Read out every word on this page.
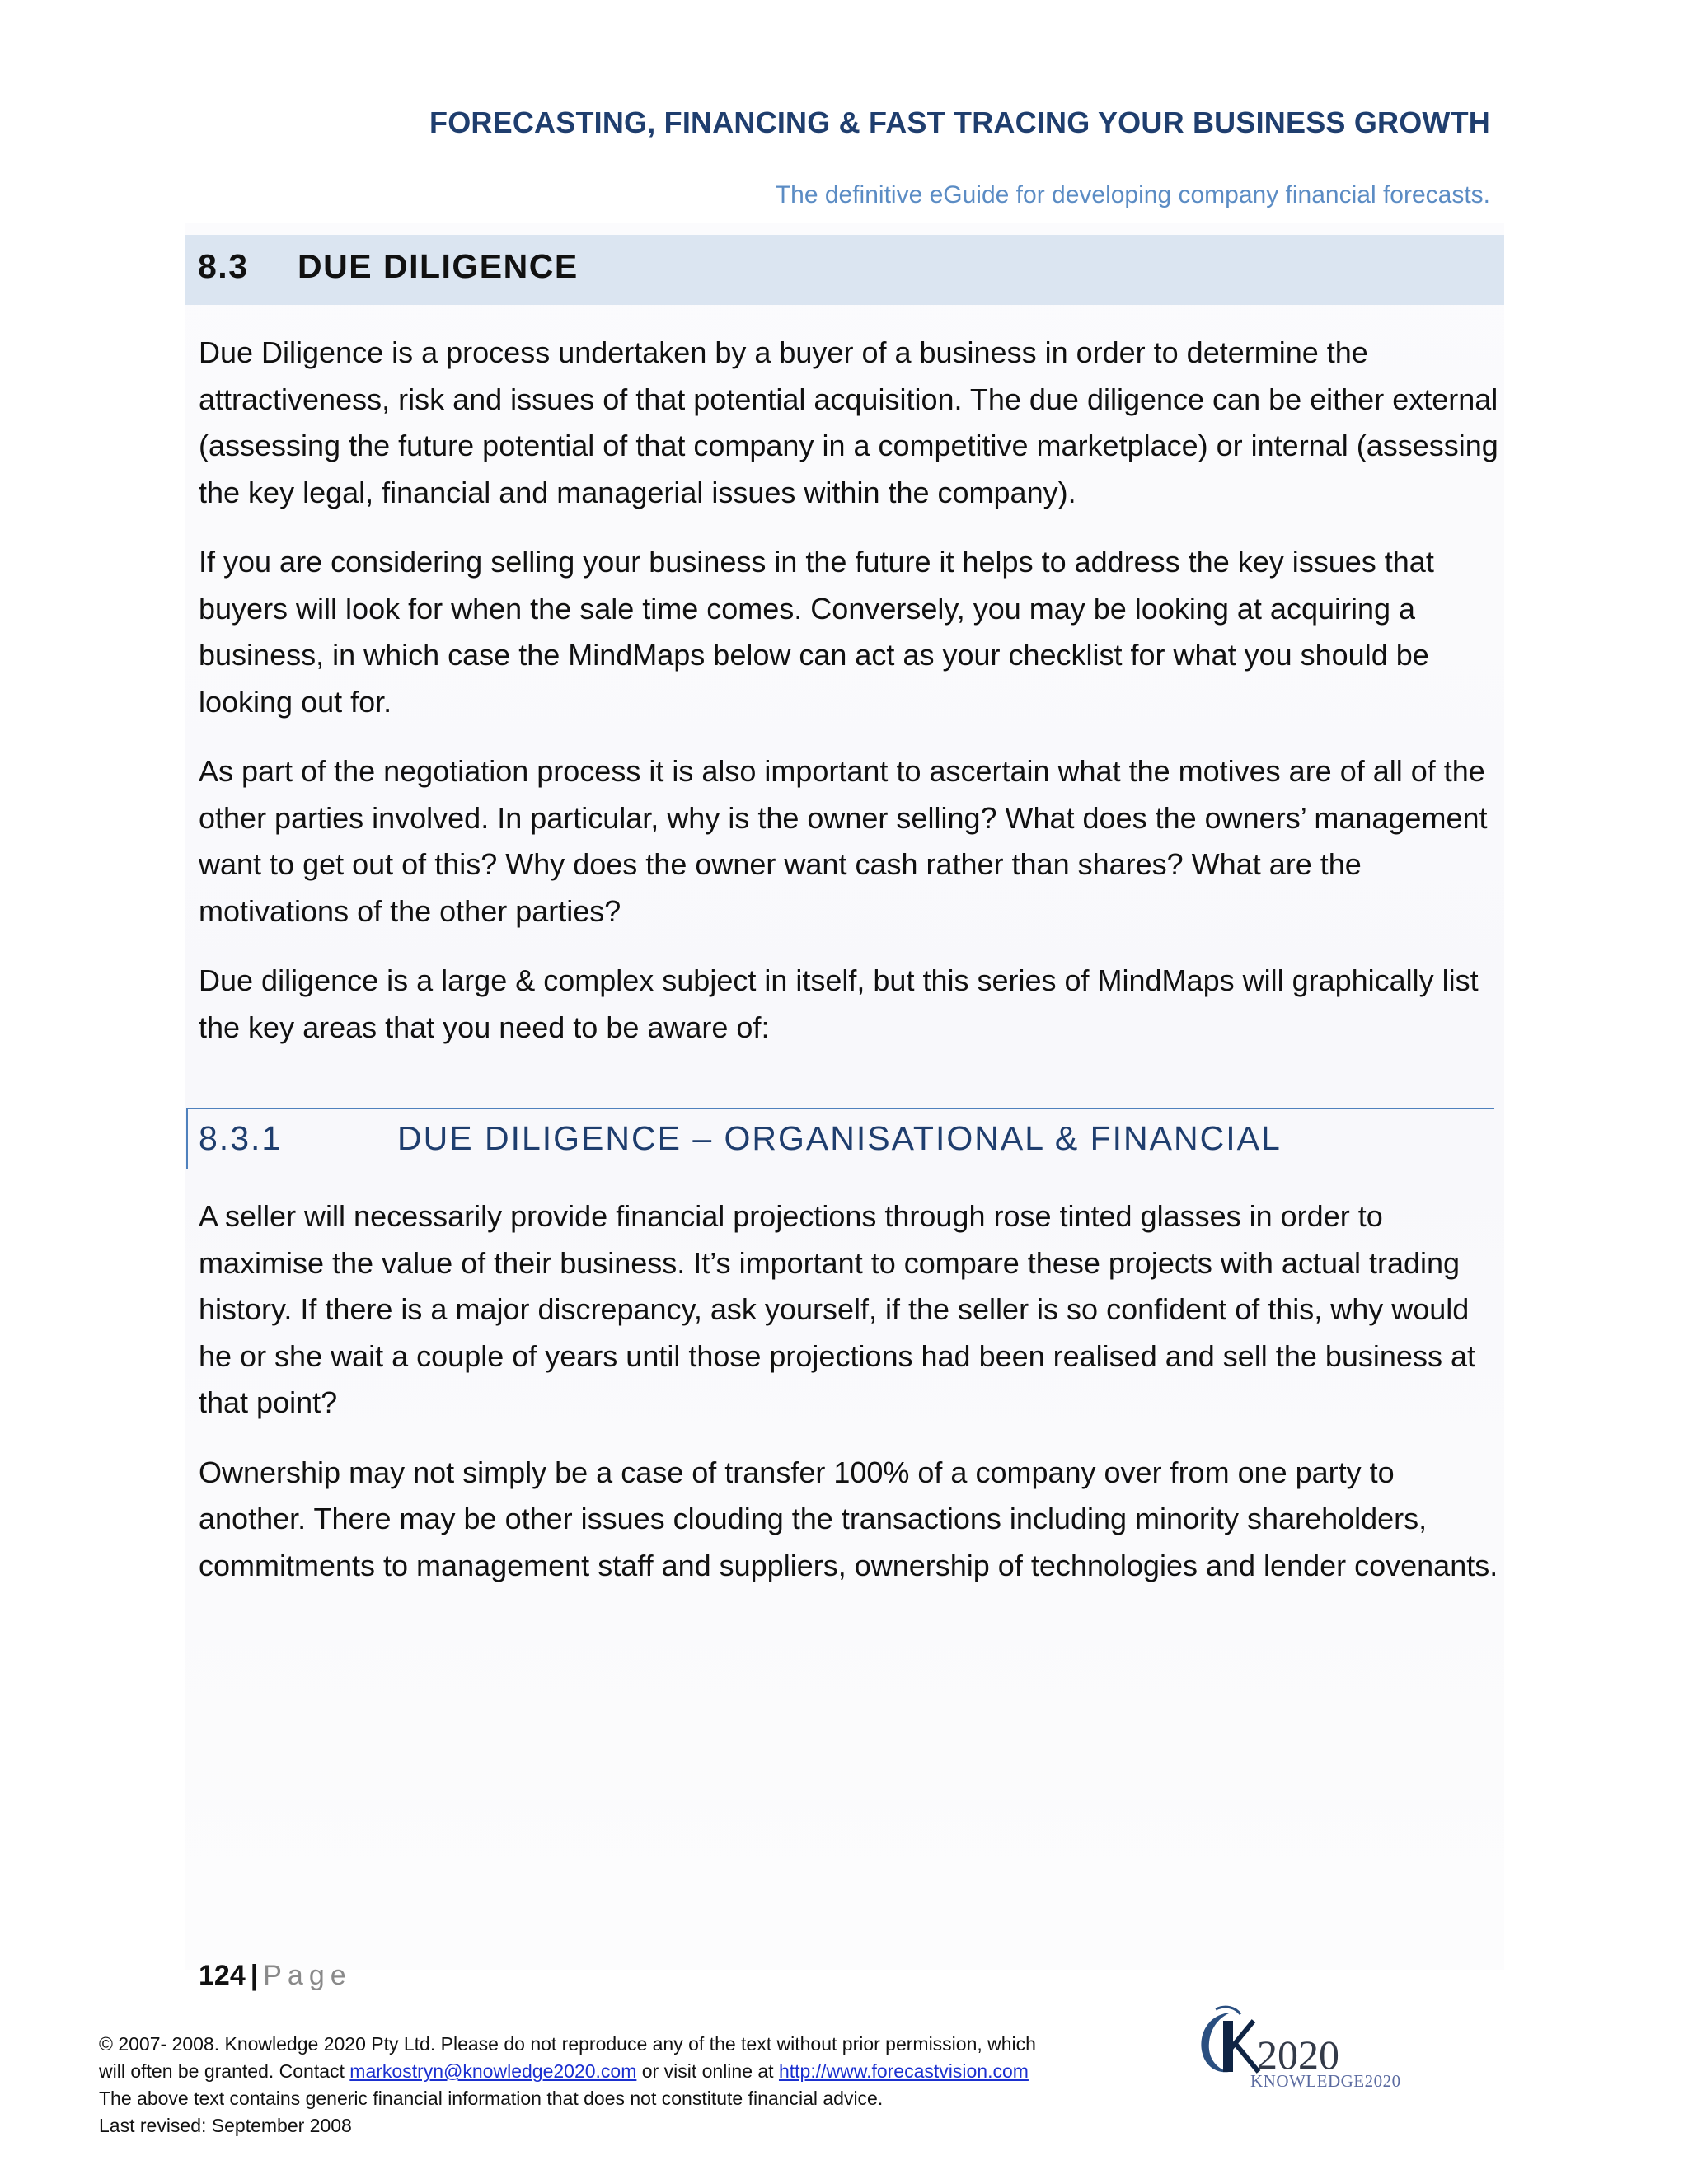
FORECASTING, FINANCING & FAST TRACING YOUR BUSINESS GROWTH
The definitive eGuide for developing company financial forecasts.
8.3 DUE DILIGENCE

Due Diligence is a process undertaken by a buyer of a business in order to determine the attractiveness, risk and issues of that potential acquisition. The due diligence can be either external (assessing the future potential of that company in a competitive marketplace) or internal (assessing the key legal, financial and managerial issues within the company).

If you are considering selling your business in the future it helps to address the key issues that buyers will look for when the sale time comes. Conversely, you may be looking at acquiring a business, in which case the MindMaps below can act as your checklist for what you should be looking out for.

As part of the negotiation process it is also important to ascertain what the motives are of all of the other parties involved. In particular, why is the owner selling? What does the owners’ management want to get out of this? Why does the owner want cash rather than shares? What are the motivations of the other parties?

Due diligence is a large & complex subject in itself, but this series of MindMaps will graphically list the key areas that you need to be aware of:

8.3.1	DUE DILIGENCE – ORGANISATIONAL & FINANCIAL

A seller will necessarily provide financial projections through rose tinted glasses in order to maximise the value of their business. It’s important to compare these projects with actual trading history. If there is a major discrepancy, ask yourself, if the seller is so confident of this, why would he or she wait a couple of years until those projections had been realised and sell the business at that point?

Ownership may not simply be a case of transfer 100% of a company over from one party to another. There may be other issues clouding the transactions including minority shareholders, commitments to management staff and suppliers, ownership of technologies and lender covenants.

124 | Page
© 2007- 2008. Knowledge 2020 Pty Ltd. Please do not reproduce any of the text without prior permission, which
will often be granted. Contact markostryn@knowledge2020.com or visit online at http://www.forecastvision.com
The above text contains generic financial information that does not constitute financial advice.
Last revised: September 2008
2020
KNOWLEDGE2020
